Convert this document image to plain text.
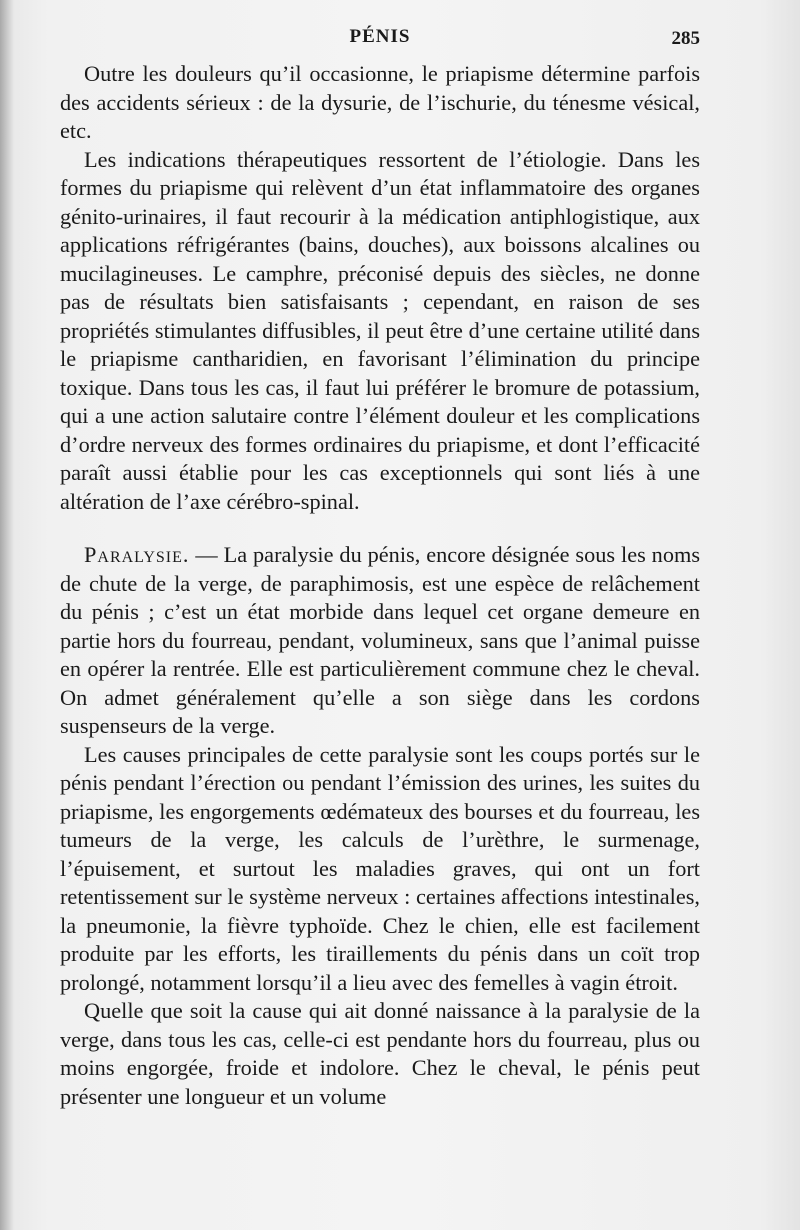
PÉNIS	285

Outre les douleurs qu’il occasionne, le priapisme détermine parfois des accidents sérieux : de la dysurie, de l’ischurie, du ténesme vésical, etc.

Les indications thérapeutiques ressortent de l’étiologie. Dans les formes du priapisme qui relèvent d’un état inflammatoire des organes génito-urinaires, il faut recourir à la médication antiphlogistique, aux applications réfrigérantes (bains, douches), aux boissons alcalines ou mucilagineuses. Le camphre, préconisé depuis des siècles, ne donne pas de résultats bien satisfaisants ; cependant, en raison de ses propriétés stimulantes diffusibles, il peut être d’une certaine utilité dans le priapisme cantharidien, en favorisant l’élimination du principe toxique. Dans tous les cas, il faut lui préférer le bromure de potassium, qui a une action salutaire contre l’élément douleur et les complications d’ordre nerveux des formes ordinaires du priapisme, et dont l’efficacité paraît aussi établie pour les cas exceptionnels qui sont liés à une altération de l’axe cérébro-spinal.

Paralysie. — La paralysie du pénis, encore désignée sous les noms de chute de la verge, de paraphimosis, est une espèce de relâchement du pénis ; c’est un état morbide dans lequel cet organe demeure en partie hors du fourreau, pendant, volumineux, sans que l’animal puisse en opérer la rentrée. Elle est particulièrement commune chez le cheval. On admet généralement qu’elle a son siège dans les cordons suspenseurs de la verge.

Les causes principales de cette paralysie sont les coups portés sur le pénis pendant l’érection ou pendant l’émission des urines, les suites du priapisme, les engorgements œdémateux des bourses et du fourreau, les tumeurs de la verge, les calculs de l’urèthre, le surmenage, l’épuisement, et surtout les maladies graves, qui ont un fort retentissement sur le système nerveux : certaines affections intestinales, la pneumonie, la fièvre typhoïde. Chez le chien, elle est facilement produite par les efforts, les tiraillements du pénis dans un coït trop prolongé, notamment lorsqu’il a lieu avec des femelles à vagin étroit.

Quelle que soit la cause qui ait donné naissance à la paralysie de la verge, dans tous les cas, celle-ci est pendante hors du fourreau, plus ou moins engorgée, froide et indolore. Chez le cheval, le pénis peut présenter une longueur et un volume
